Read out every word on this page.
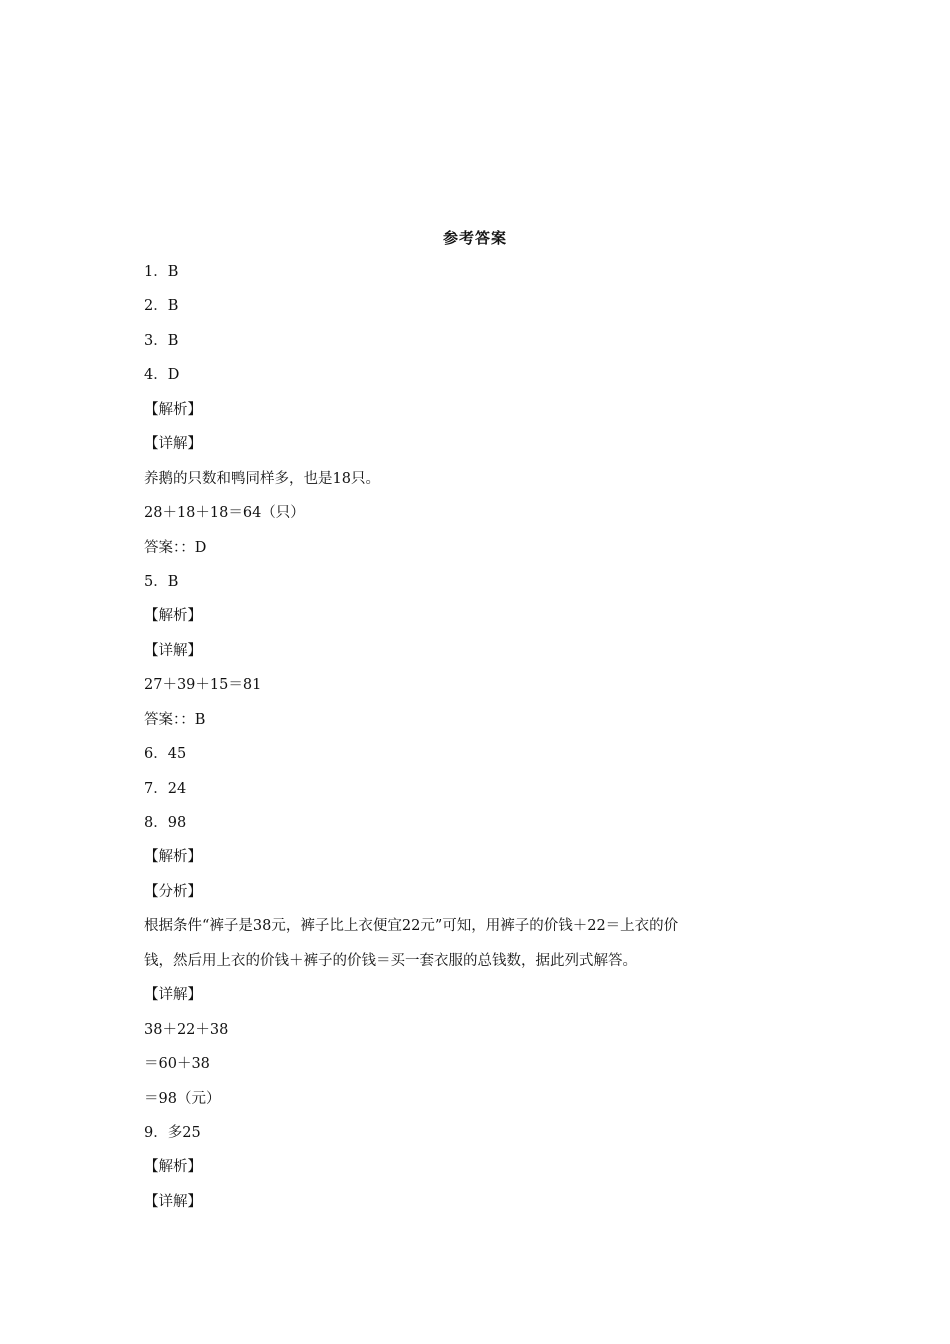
参考答案
1．B
2．B
3．B
4．D
【解析】
【详解】
养鹅的只数和鸭同样多，也是18只。
28＋18＋18＝64（只）
答案：：D
5．B
【解析】
【详解】
27＋39＋15＝81
答案：：B
6．45
7．24
8．98
【解析】
【分析】
根据条件“裤子是38元，裤子比上衣便宜22元”可知，用裤子的价钱＋22＝上衣的价
钱，然后用上衣的价钱＋裤子的价钱＝买一套衣服的总钱数，据此列式解答。
【详解】
38＋22＋38
＝60＋38
＝98（元）
9．多25
【解析】
【详解】
